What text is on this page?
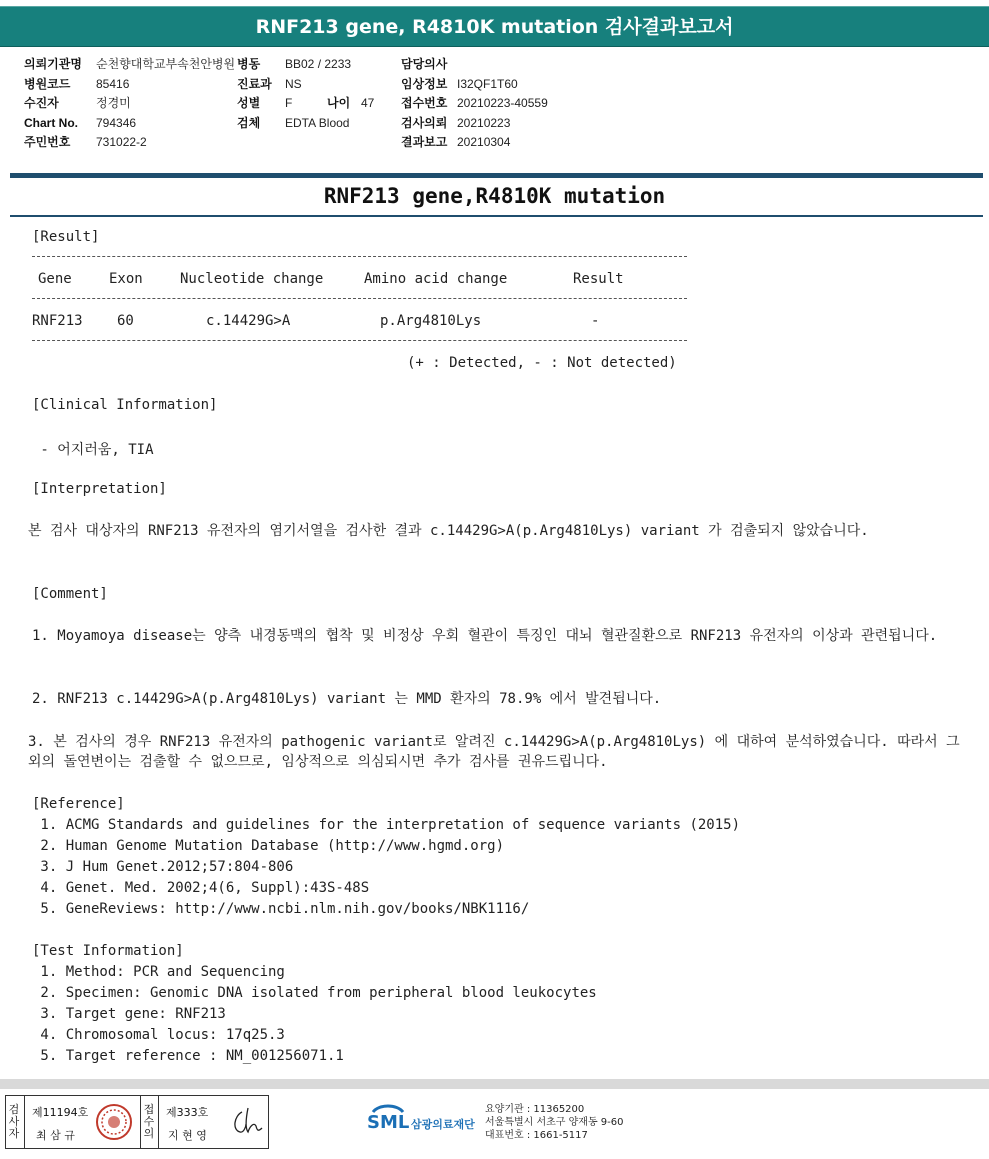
RNF213 gene, R4810K mutation 검사결과보고서
의뢰기관명 순천향대학교부속천안병원
병원코드 85416
수진자	정경미
Chart No. 794346
주민번호 731022-2
병동 BB02 / 2233
진료과 NS
성별 F	나이 47
검체 EDTA Blood
담당의사
임상정보 I32QF1T60
접수번호 20210223-40559
검사의뢰 20210223
결과보고 20210304
RNF213 gene,R4810K mutation
[Result]
Gene	Exon	Nucleotide change	Amino acid change	Result
RNF213 60	c.14429G>A	p.Arg4810Lys	-
(+ : Detected, - : Not detected)
[Clinical Information]
- 어지러움, TIA
[Interpretation]
본 검사 대상자의 RNF213 유전자의 염기서열을 검사한 결과 c.14429G>A(p.Arg4810Lys) variant 가 검출되지 않았습니다.
[Comment]
1. Moyamoya disease는 양측 내경동맥의 협착 및 비정상 우회 혈관이 특징인 대뇌 혈관질환으로 RNF213 유전자의 이상과 관련됩니다.
2. RNF213 c.14429G>A(p.Arg4810Lys) variant 는 MMD 환자의 78.9% 에서 발견됩니다.
3. 본 검사의 경우 RNF213 유전자의 pathogenic variant로 알려진 c.14429G>A(p.Arg4810Lys) 에 대하여 분석하였습니다. 따라서 그 외의 돌연변이는 검출할 수 없으므로, 임상적으로 의심되시면 추가 검사를 권유드립니다.
[Reference]
1. ACMG Standards and guidelines for the interpretation of sequence variants (2015)
2. Human Genome Mutation Database (http://www.hgmd.org)
3. J Hum Genet.2012;57:804-806
4. Genet. Med. 2002;4(6, Suppl):43S-48S
5. GeneReviews: http://www.ncbi.nlm.nih.gov/books/NBK1116/
[Test Information]
1. Method: PCR and Sequencing
2. Specimen: Genomic DNA isolated from peripheral blood leukocytes
3. Target gene: RNF213
4. Chromosomal locus: 17q25.3
5. Target reference : NM_001256071.1
검
사
자
제11194호
최 삼 규
접
수
의
제333호
지 현 영
SML 삼광의료재단
요양기관 : 11365200
서울특별시 서초구 양재동 9-60
대표번호 : 1661-5117
